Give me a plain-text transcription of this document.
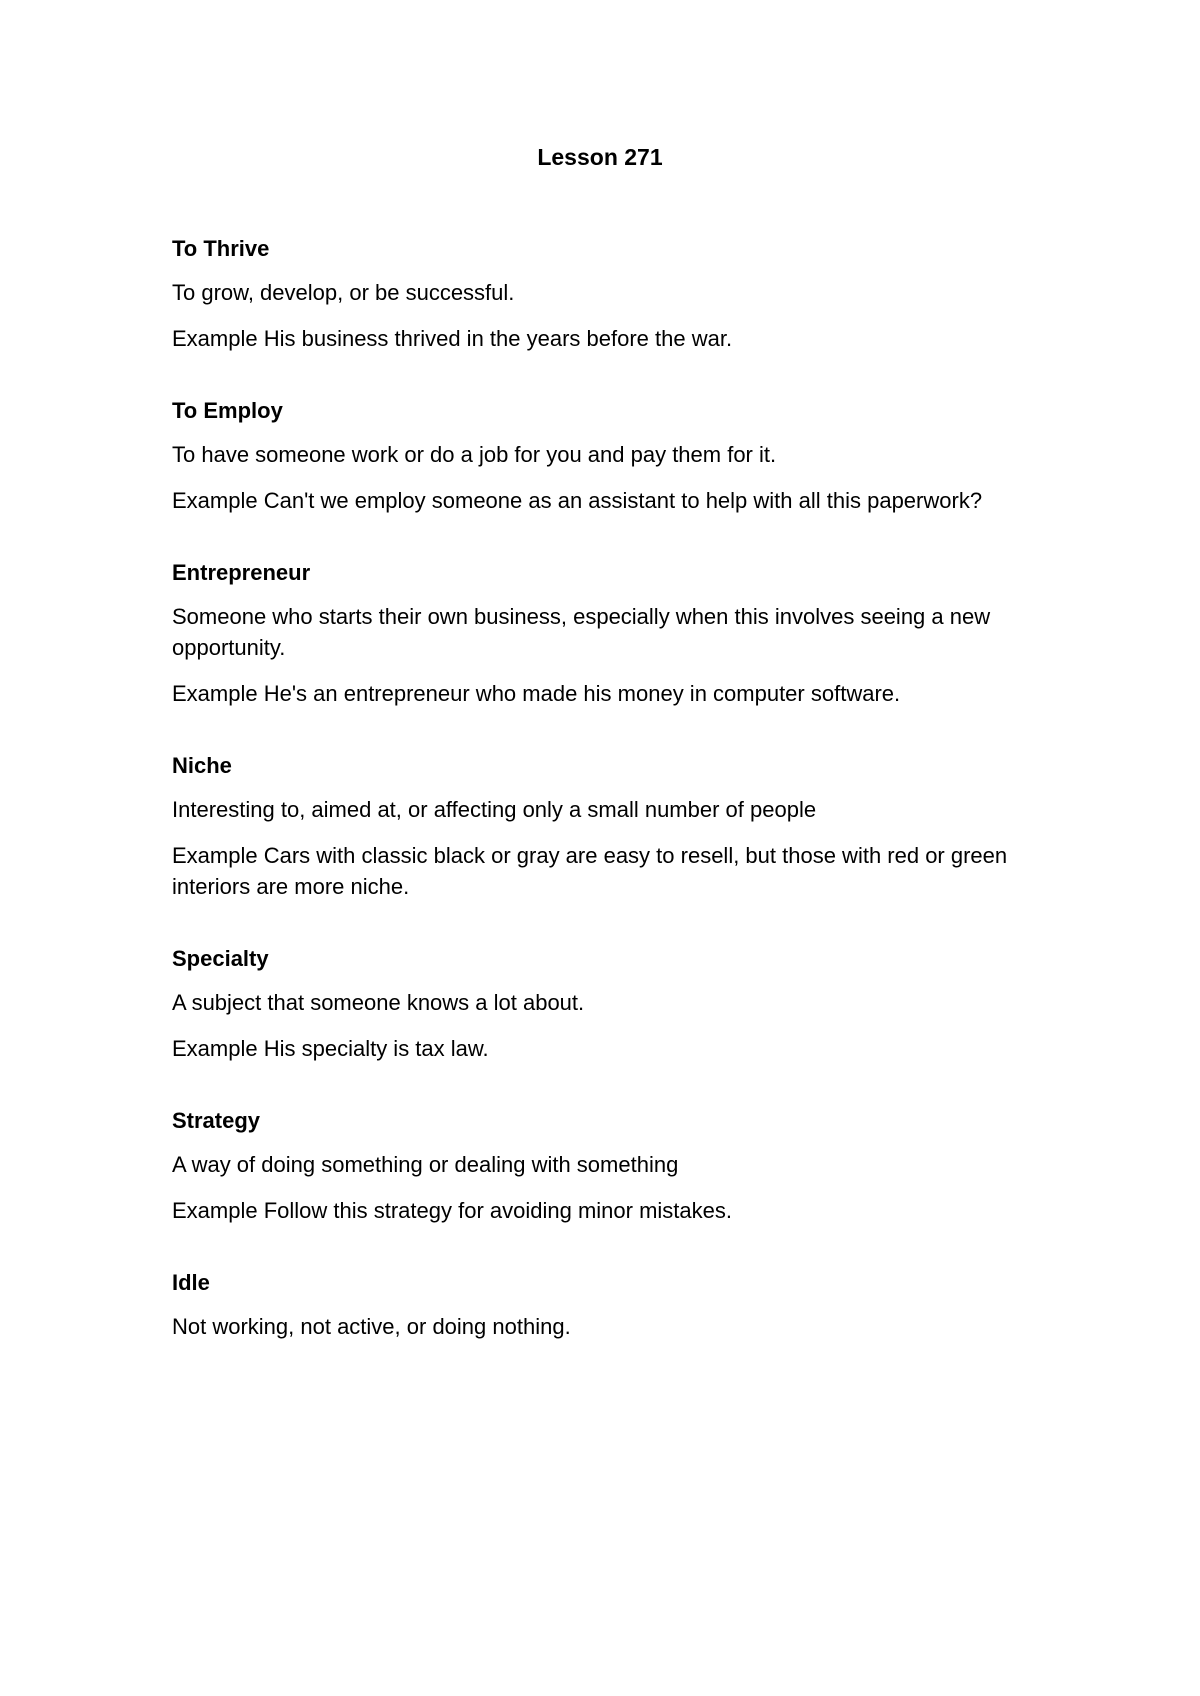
Lesson 271
To Thrive
To grow, develop, or be successful.
Example His business thrived in the years before the war.
To Employ
To have someone work or do a job for you and pay them for it.
Example Can't we employ someone as an assistant to help with all this paperwork?
Entrepreneur
Someone who starts their own business, especially when this involves seeing a new opportunity.
Example He's an entrepreneur who made his money in computer software.
Niche
Interesting to, aimed at, or affecting only a small number of people
Example Cars with classic black or gray are easy to resell, but those with red or green interiors are more niche.
Specialty
A subject that someone knows a lot about.
Example His specialty is tax law.
Strategy
A way of doing something or dealing with something
Example Follow this strategy for avoiding minor mistakes.
Idle
Not working, not active, or doing nothing.
